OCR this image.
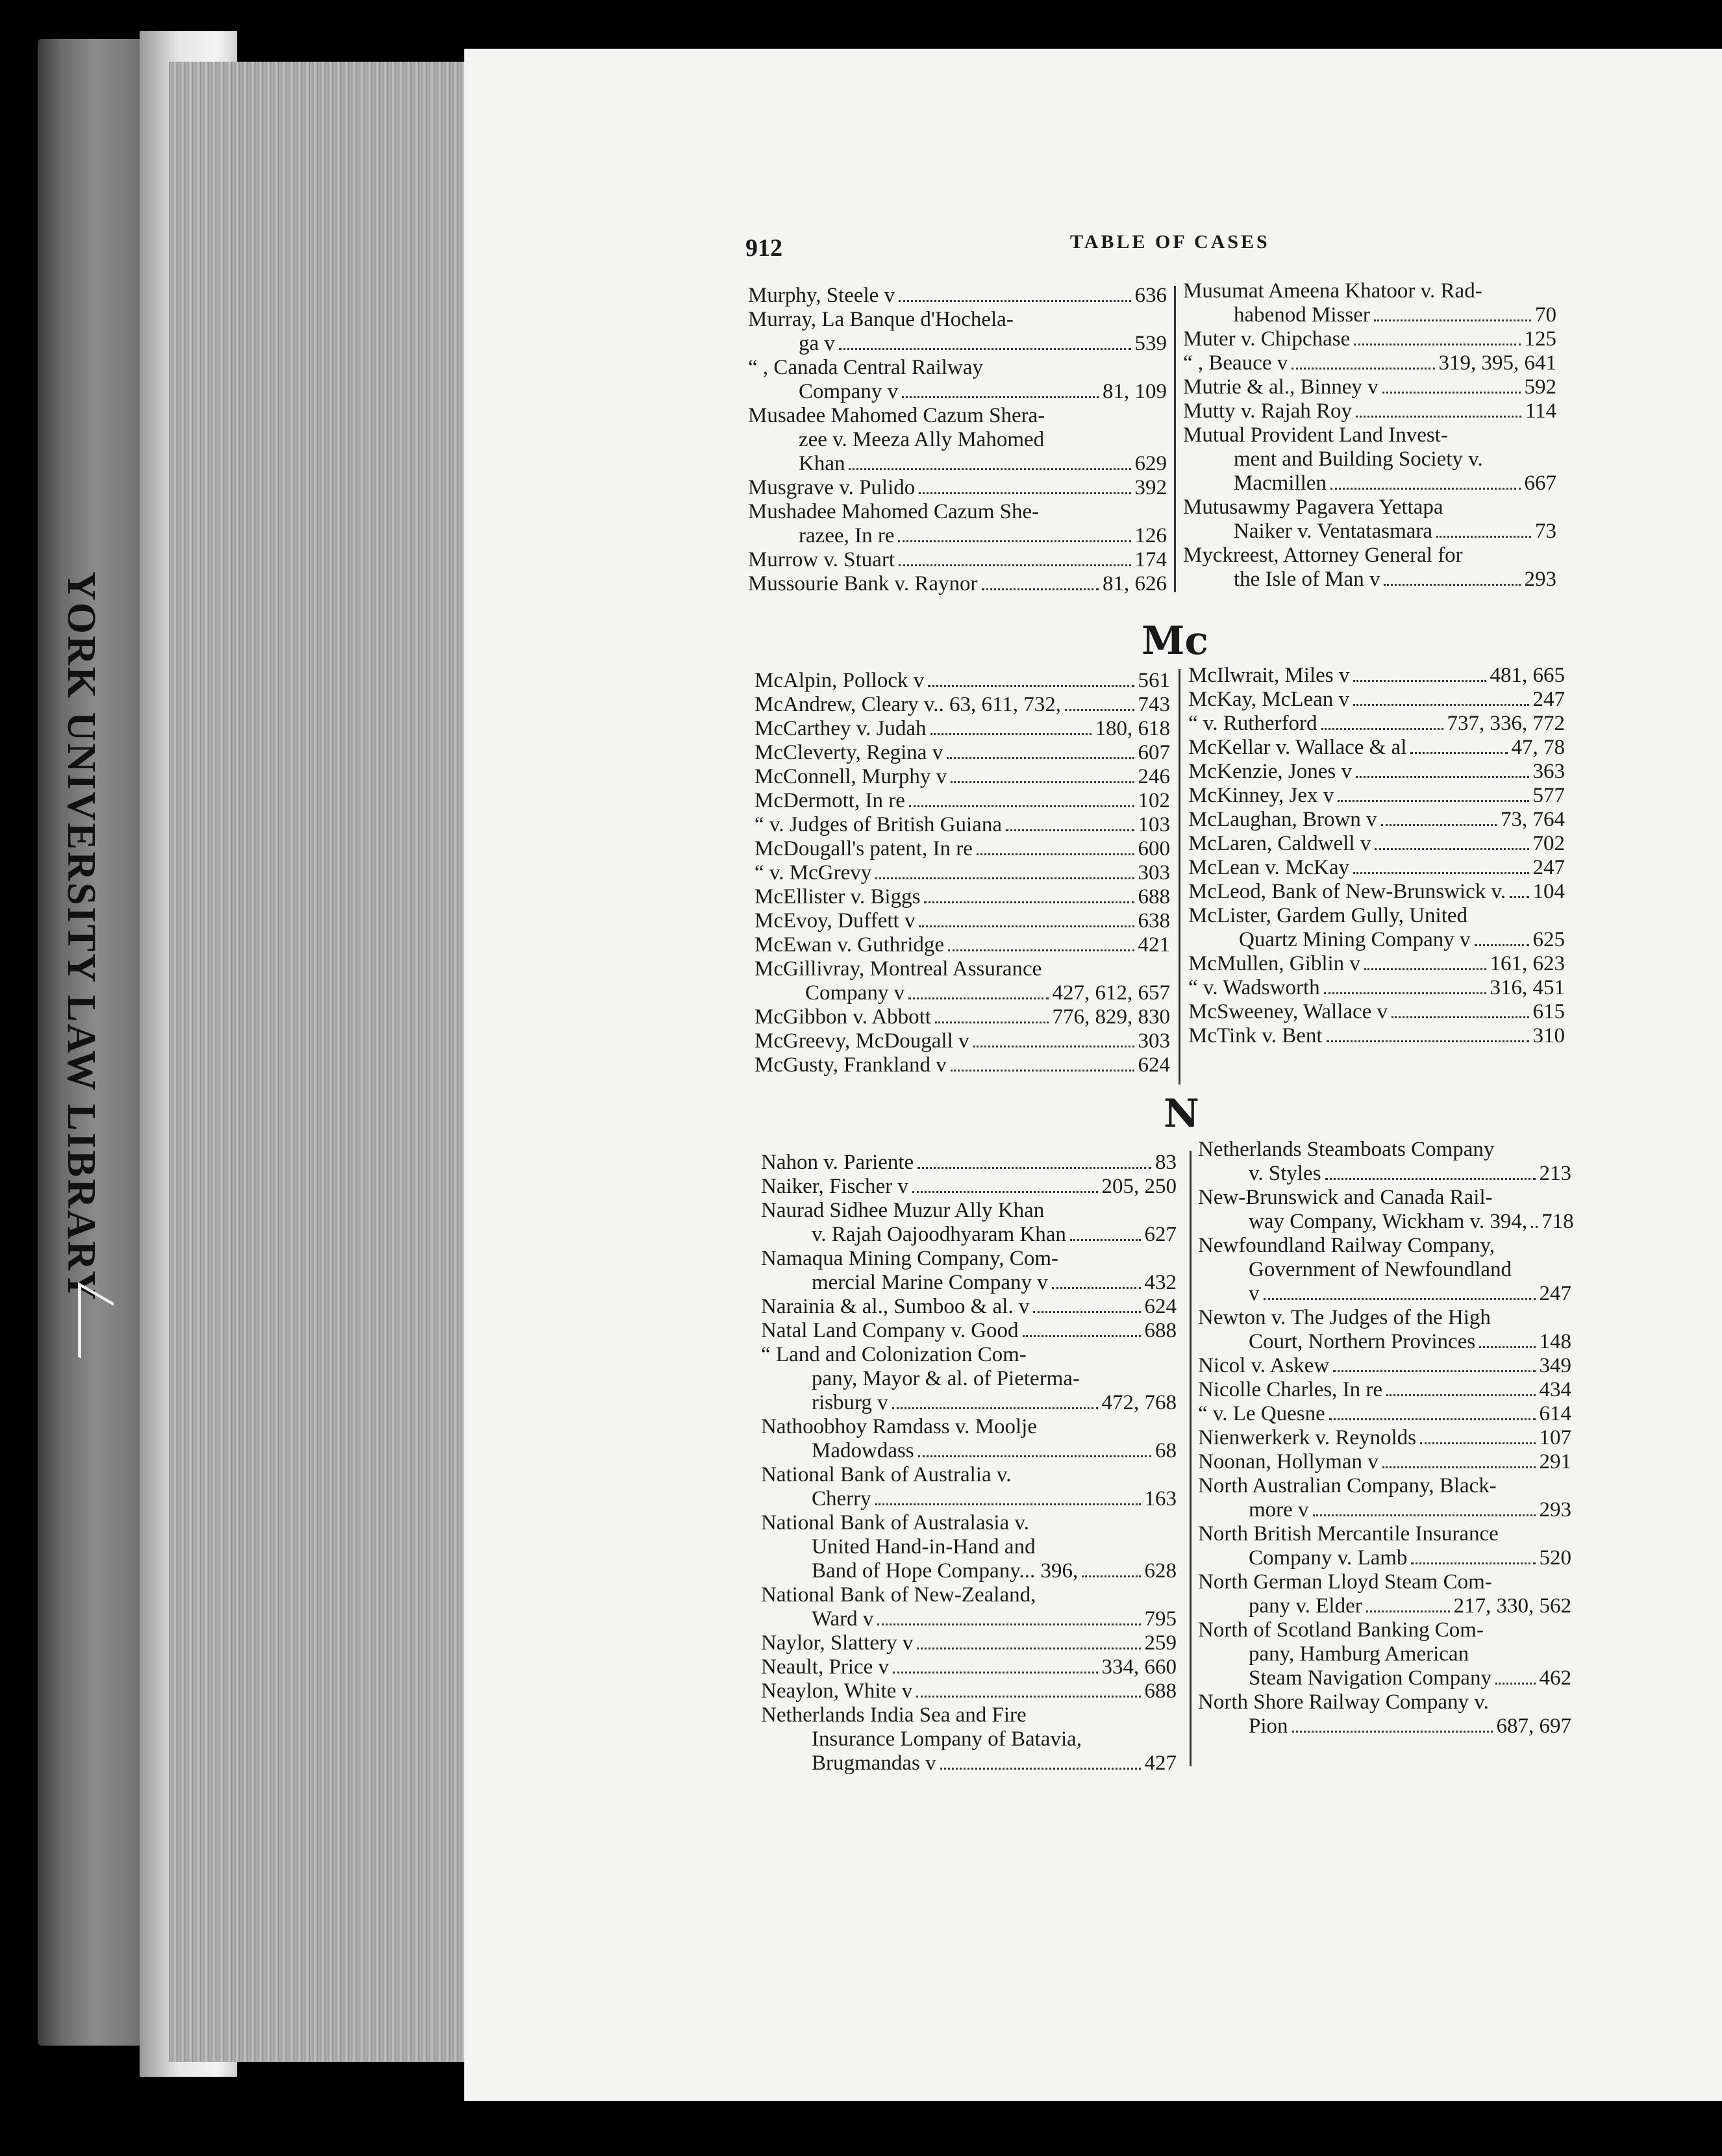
912	TABLE OF CASES
Murphy, Steele v	636
Murray, La Banque d'Hochela-
ga v	539
“ , Canada Central Railway
Company v	81, 109
Musadee Mahomed Cazum Shera-
zee v. Meeza Ally Mahomed
Khan	629
Musgrave v. Pulido	392
Mushadee Mahomed Cazum She-
razee, In re	126
Murrow v. Stuart	174
Mussourie Bank v. Raynor	81, 626
Musumat Ameena Khatoor v. Rad-
habenod Misser	70
Muter v. Chipchase	125
“ , Beauce v	319, 395, 641
Mutrie & al., Binney v	592
Mutty v. Rajah Roy	114
Mutual Provident Land Invest-
ment and Building Society v.
Macmillen	667
Mutusawmy Pagavera Yettapa
Naiker v. Ventatasmara	73
Myckreest, Attorney General for
the Isle of Man v	293
Mc
McAlpin, Pollock v	561
McAndrew, Cleary v.. 63, 611, 732,	743
McCarthey v. Judah	180, 618
McCleverty, Regina v	607
McConnell, Murphy v	246
McDermott, In re	102
“ v. Judges of British Guiana	103
McDougall's patent, In re	600
“ v. McGrevy	303
McEllister v. Biggs	688
McEvoy, Duffett v	638
McEwan v. Guthridge	421
McGillivray, Montreal Assurance
Company v	427, 612, 657
McGibbon v. Abbott	776, 829, 830
McGreevy, McDougall v	303
McGusty, Frankland v	624
McIlwrait, Miles v	481, 665
McKay, McLean v	247
“ v. Rutherford	737, 336, 772
McKellar v. Wallace & al	47, 78
McKenzie, Jones v	363
McKinney, Jex v	577
McLaughan, Brown v	73, 764
McLaren, Caldwell v	702
McLean v. McKay	247
McLeod, Bank of New-Brunswick v. 104
McLister, Gardem Gully, United
Quartz Mining Company v	625
McMullen, Giblin v	161, 623
“ v. Wadsworth	316, 451
McSweeney, Wallace v	615
McTink v. Bent	310
N
Nahon v. Pariente	83
Naiker, Fischer v	205, 250
Naurad Sidhee Muzur Ally Khan
v. Rajah Oajoodhyaram Khan	627
Namaqua Mining Company, Com-
mercial Marine Company v	432
Narainia & al., Sumboo & al. v	624
Natal Land Company v. Good	688
“ Land and Colonization Com-
pany, Mayor & al. of Pieterma-
risburg v	472, 768
Nathoobhoy Ramdass v. Moolje
Madowdass	68
National Bank of Australia v.
Cherry	163
National Bank of Australasia v.
United Hand-in-Hand and
Band of Hope Company... 396,	628
National Bank of New-Zealand,
Ward v	795
Naylor, Slattery v	259
Neault, Price v	334, 660
Neaylon, White v	688
Netherlands India Sea and Fire
Insurance Lompany of Batavia,
Brugmandas v	427
Netherlands Steamboats Company
v. Styles	213
New-Brunswick and Canada Rail-
way Company, Wickham v. 394, 718
Newfoundland Railway Company,
Government of Newfoundland
v	247
Newton v. The Judges of the High
Court, Northern Provinces	148
Nicol v. Askew	349
Nicolle Charles, In re	434
“ v. Le Quesne	614
Nienwerkerk v. Reynolds	107
Noonan, Hollyman v	291
North Australian Company, Black-
more v	293
North British Mercantile Insurance
Company v. Lamb	520
North German Lloyd Steam Com-
pany v. Elder	217, 330, 562
North of Scotland Banking Com-
pany, Hamburg American
Steam Navigation Company 462
North Shore Railway Company v.
Pion	687, 697
